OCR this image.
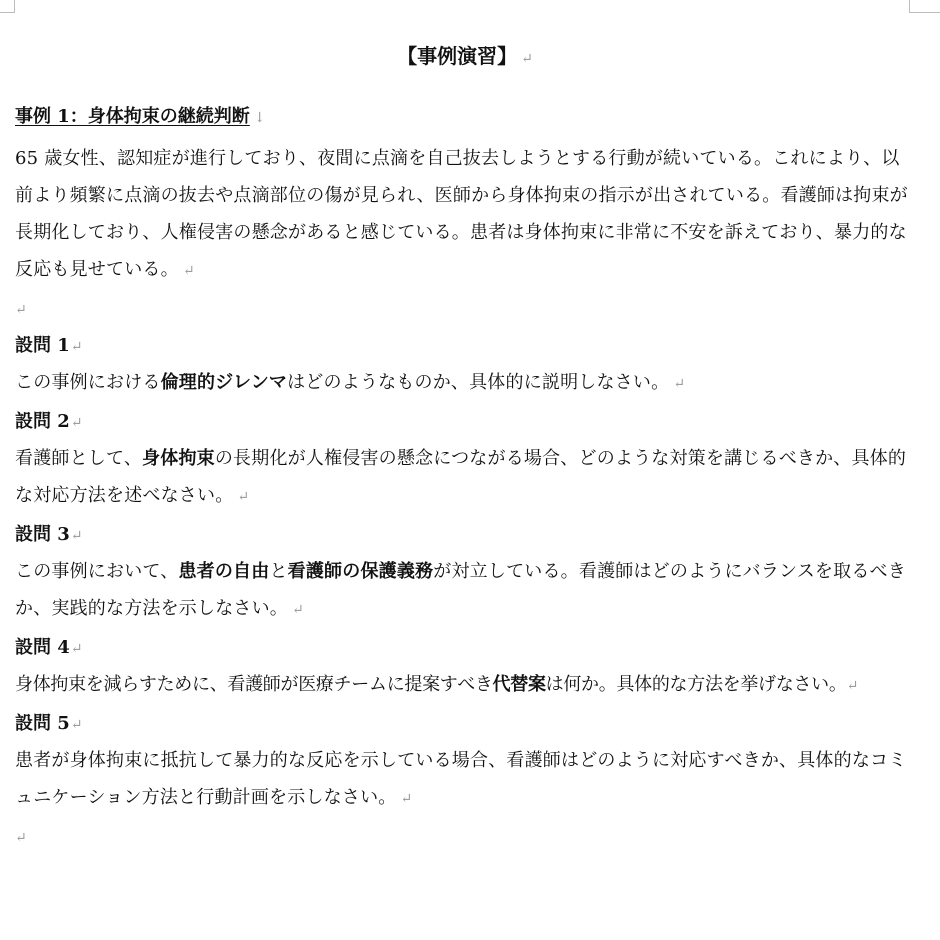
【事例演習】 ↵
事例 1：身体拘束の継続判断 ↓

65 歳女性、認知症が進行しており、夜間に点滴を自己抜去しようとする行動が続いている。これにより、以前より頻繁に点滴の抜去や点滴部位の傷が見られ、医師から身体拘束の指示が出されている。看護師は拘束が長期化しており、人権侵害の懸念があると感じている。患者は身体拘束に非常に不安を訴えており、暴力的な反応も見せている。 ↵

↵
設問 1↵

この事例における倫理的ジレンマはどのようなものか、具体的に説明しなさい。 ↵

設問 2↵

看護師として、身体拘束の長期化が人権侵害の懸念につながる場合、どのような対策を講じるべきか、具体的な対応方法を述べなさい。 ↵

設問 3↵

この事例において、患者の自由と看護師の保護義務が対立している。看護師はどのようにバランスを取るべきか、実践的な方法を示しなさい。 ↵

設問 4↵

身体拘束を減らすために、看護師が医療チームに提案すべき代替案は何か。具体的な方法を挙げなさい。↵

設問 5↵

患者が身体拘束に抵抗して暴力的な反応を示している場合、看護師はどのように対応すべきか、具体的なコミュニケーション方法と行動計画を示しなさい。 ↵

↵
